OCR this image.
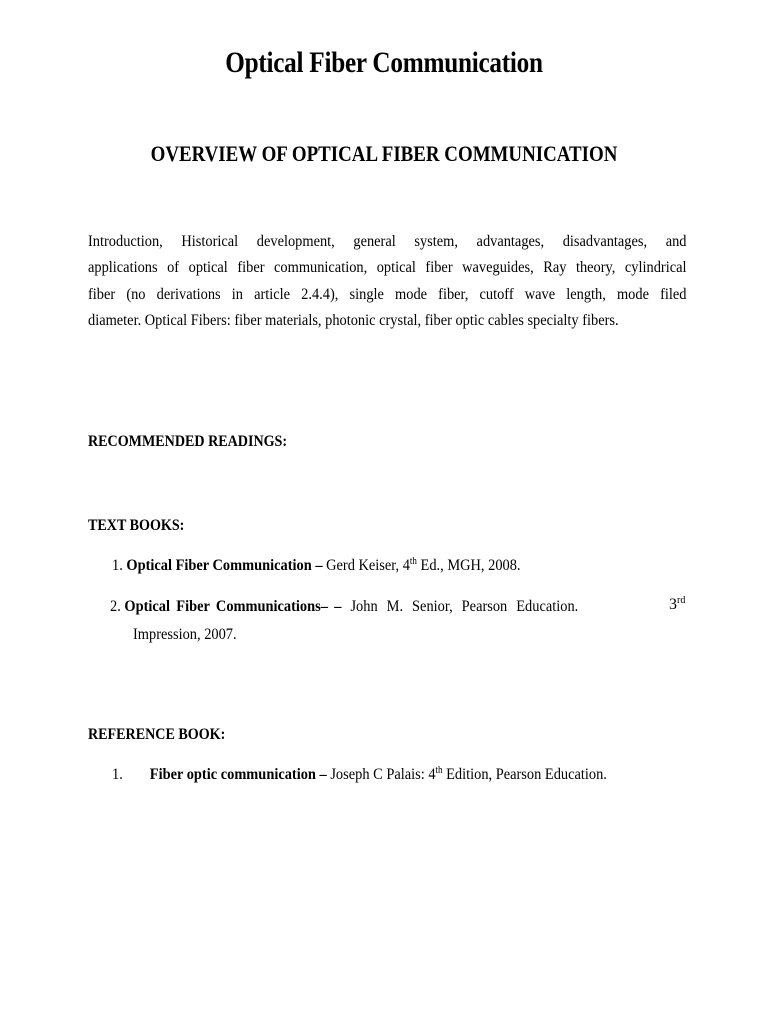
Optical Fiber Communication
OVERVIEW OF OPTICAL FIBER COMMUNICATION
Introduction, Historical development, general system, advantages, disadvantages, and
applications of optical fiber communication, optical fiber waveguides, Ray theory, cylindrical
fiber (no derivations in article 2.4.4), single mode fiber, cutoff wave length, mode filed
diameter. Optical Fibers: fiber materials, photonic crystal, fiber optic cables specialty fibers.
RECOMMENDED READINGS:
TEXT BOOKS:
1. Optical Fiber Communication – Gerd Keiser, 4th Ed., MGH, 2008.
2. Optical Fiber Communications– – John M. Senior, Pearson Education.	3rd
Impression, 2007.
REFERENCE BOOK:
1. Fiber optic communication – Joseph C Palais: 4th Edition, Pearson Education.
